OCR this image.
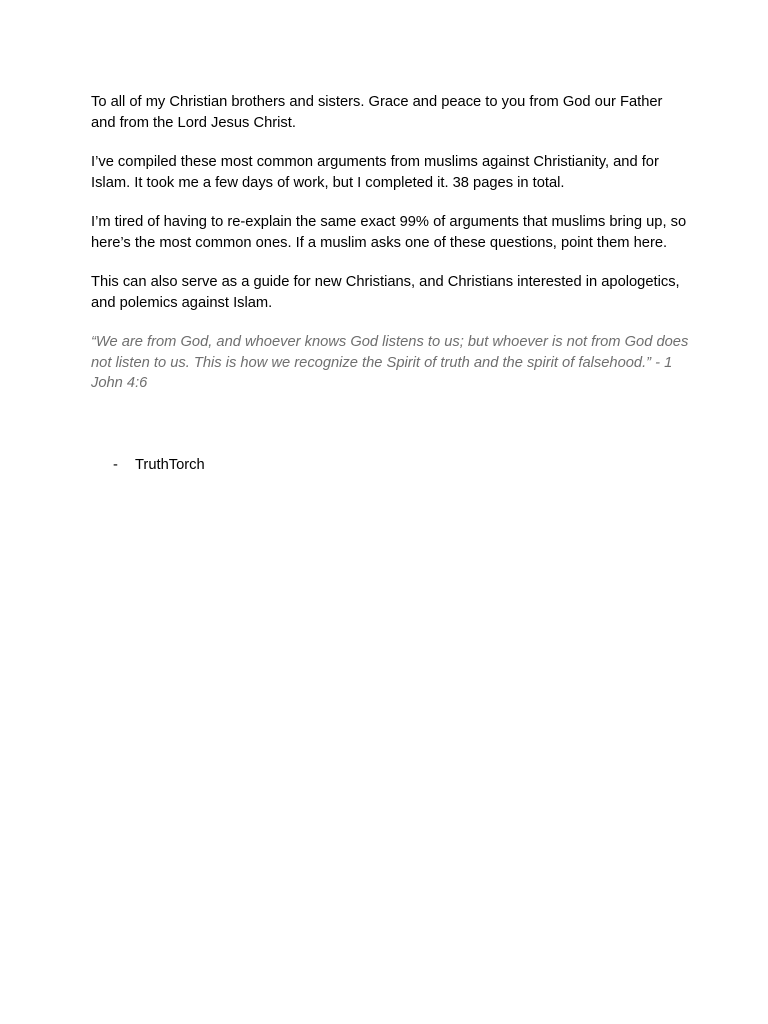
To all of my Christian brothers and sisters. Grace and peace to you from God our Father and from the Lord Jesus Christ.

I’ve compiled these most common arguments from muslims against Christianity, and for Islam. It took me a few days of work, but I completed it. 38 pages in total.

I’m tired of having to re-explain the same exact 99% of arguments that muslims bring up, so here’s the most common ones. If a muslim asks one of these questions, point them here.

This can also serve as a guide for new Christians, and Christians interested in apologetics, and polemics against Islam.

“We are from God, and whoever knows God listens to us; but whoever is not from God does not listen to us. This is how we recognize the Spirit of truth and the spirit of falsehood.” - 1 John 4:6

- TruthTorch
